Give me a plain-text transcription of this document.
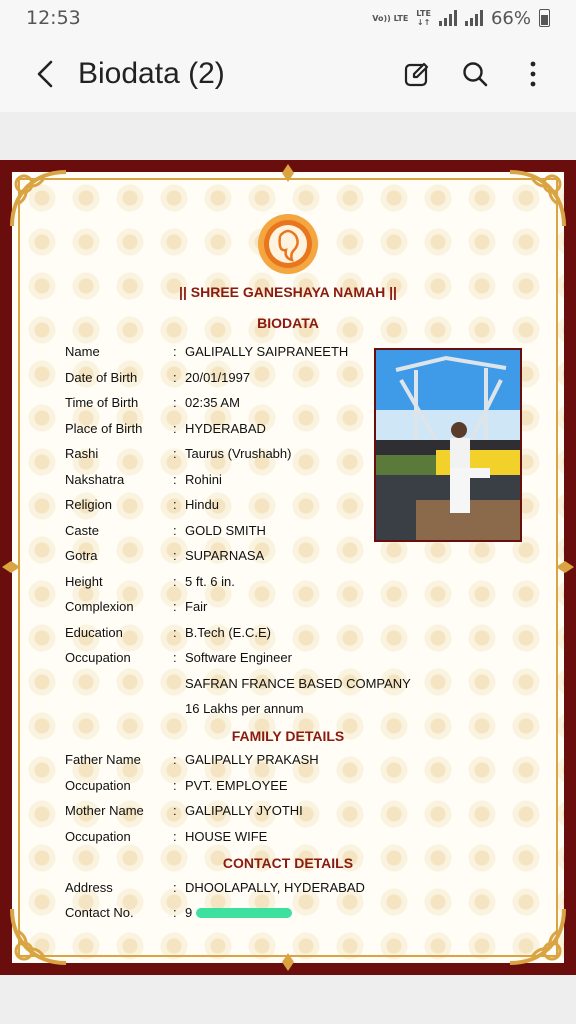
12:53	Vo)) LTE LTE
↓↑	66%
Biodata (2)
|| SHREE GANESHAYA NAMAH ||
BIODATA
Name	: GALIPALLY SAIPRANEETH
Date of Birth	: 20/01/1997
Time of Birth	: 02:35 AM
Place of Birth	: HYDERABAD
Rashi	: Taurus (Vrushabh)
Nakshatra	: Rohini
Religion	: Hindu
Caste	: GOLD SMITH
Gotra	: SUPARNASA
Height	: 5 ft. 6 in.
Complexion	: Fair
Education	: B.Tech (E.C.E)
Occupation	: Software Engineer
SAFRAN FRANCE BASED COMPANY
16 Lakhs per annum
FAMILY DETAILS
Father Name	: GALIPALLY PRAKASH
Occupation	: PVT. EMPLOYEE
Mother Name	: GALIPALLY JYOTHI
Occupation	: HOUSE WIFE
CONTACT DETAILS
Address	: DHOOLAPALLY, HYDERABAD
Contact No.	: 9
